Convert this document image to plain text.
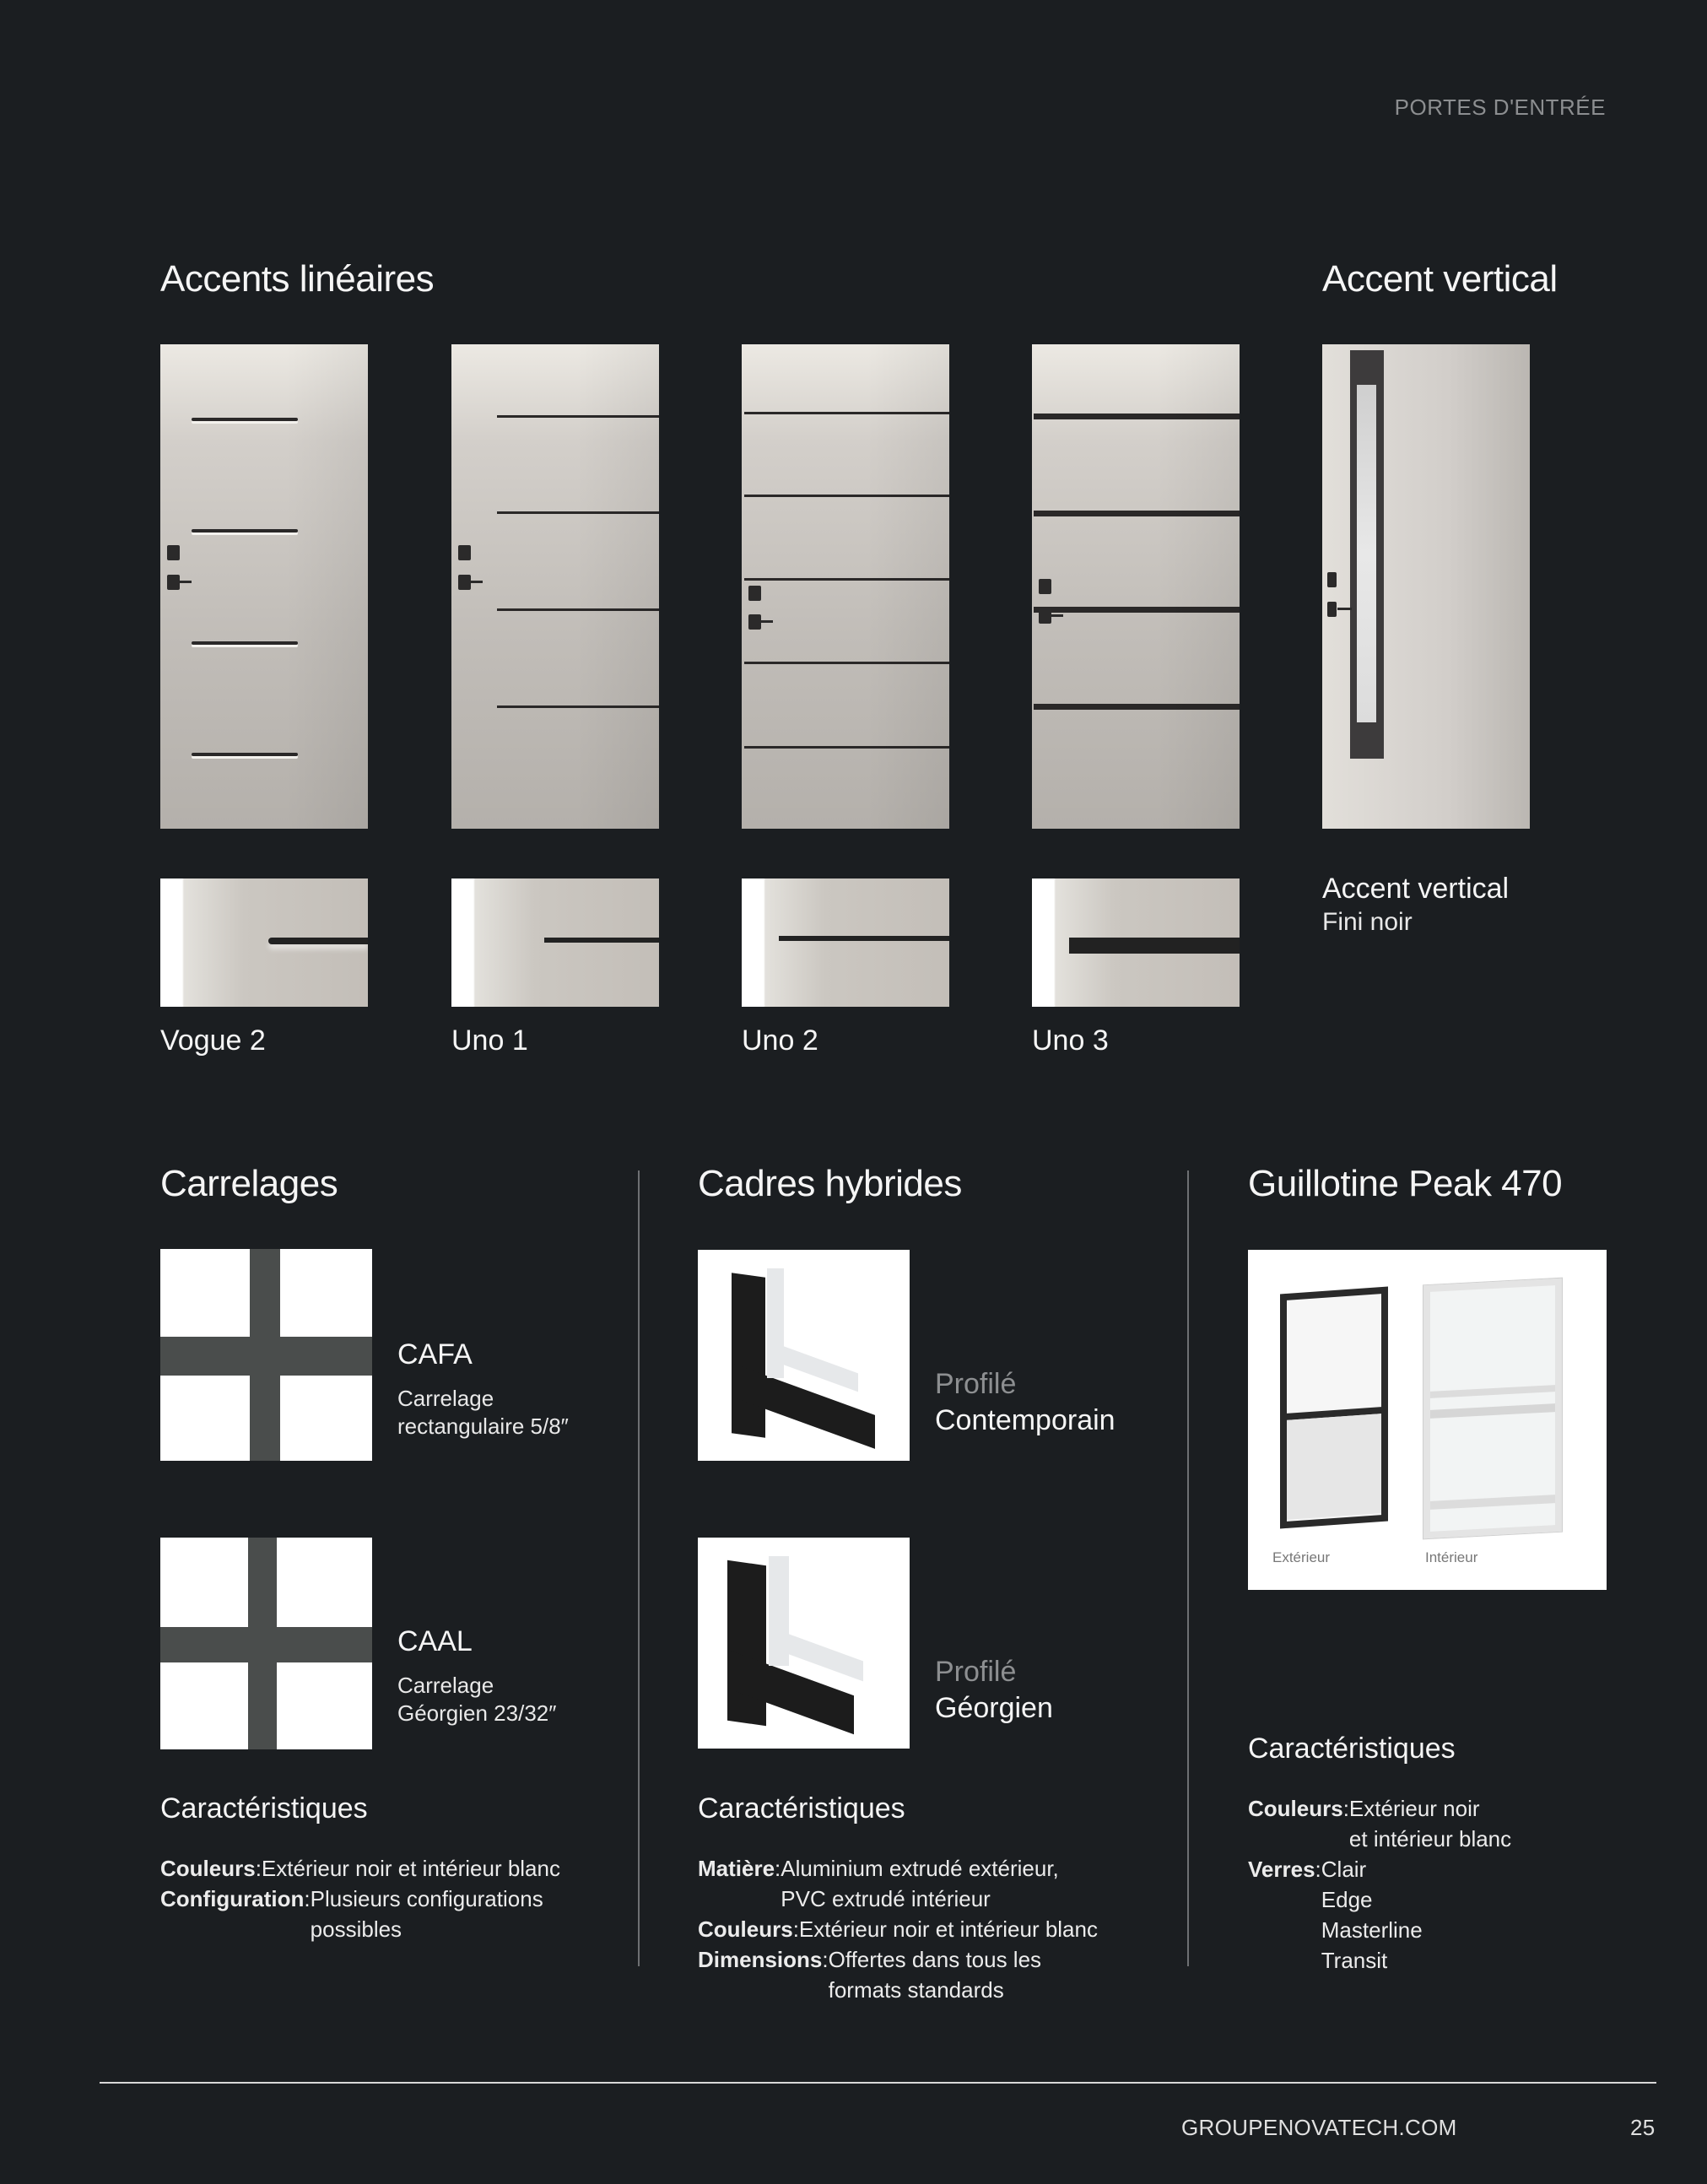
PORTES D'ENTRÉE
Accents linéaires	Accent vertical
Vogue 2	Uno 1	Uno 2	Uno 3
Accent vertical
Fini noir
Carrelages
CAFA
Carrelage
rectangulaire 5/8″
CAAL
Carrelage
Géorgien 23/32″
Caractéristiques
Couleurs : Extérieur noir et intérieur blanc
Configuration : Plusieurs configurations
possibles
Cadres hybrides
Profilé
Contemporain
Profilé
Géorgien
Caractéristiques
Matière : Aluminium extrudé extérieur,
PVC extrudé intérieur
Couleurs : Extérieur noir et intérieur blanc
Dimensions : Offertes dans tous les
formats standards
Guillotine Peak 470
Extérieur	Intérieur
Caractéristiques
Couleurs : Extérieur noir
et intérieur blanc
Verres : Clair
Edge
Masterline
Transit
GROUPENOVATECH.COM	25
